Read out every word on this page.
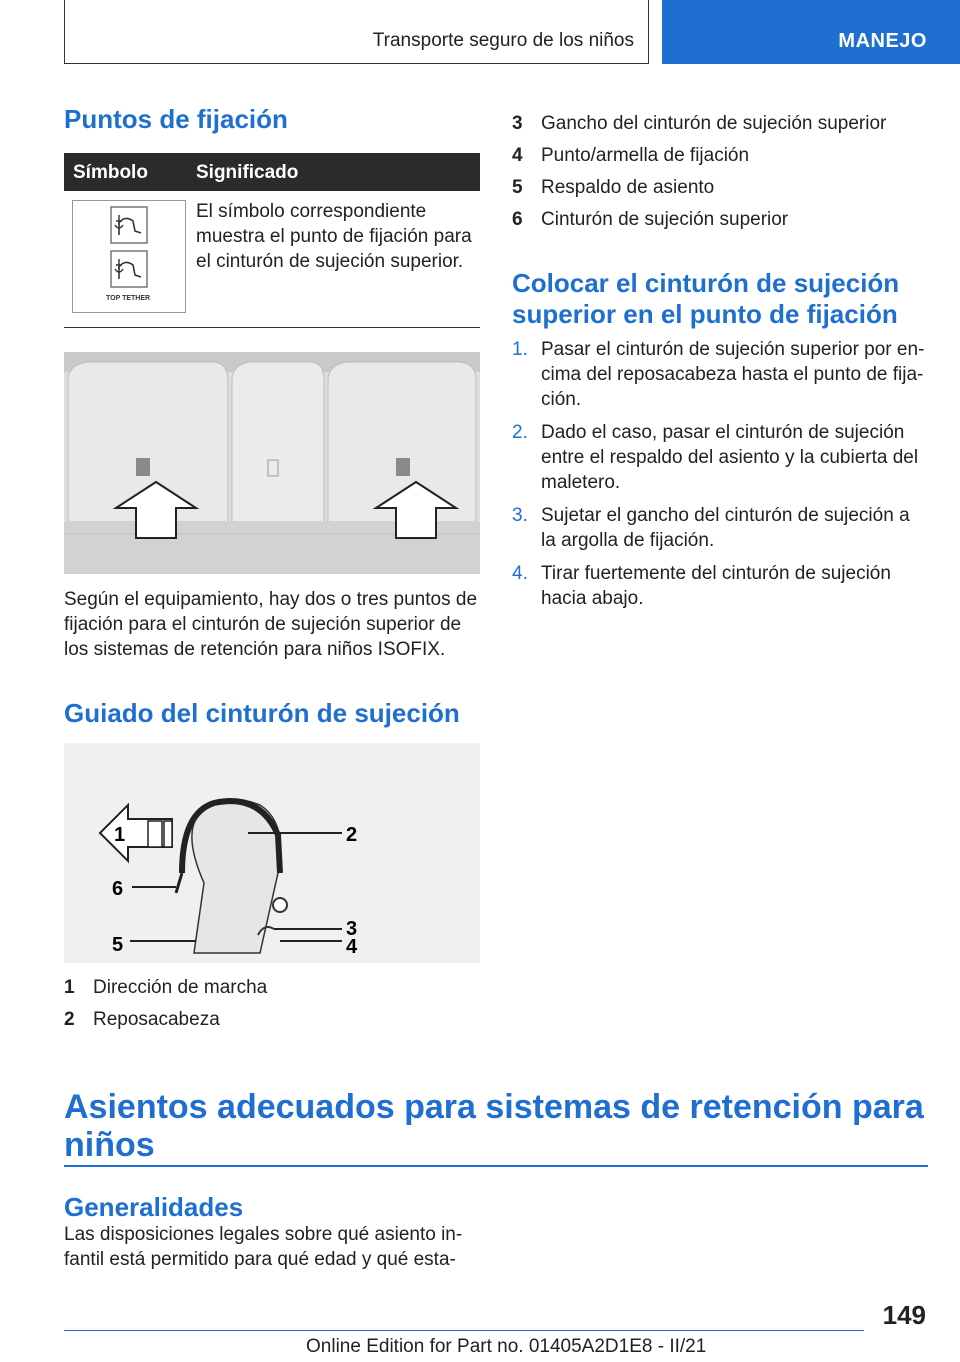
Transporte seguro de los niños	MANEJO
Puntos de fijación
Símbolo	Significado
TOP TETHER
El símbolo correspondiente muestra el punto de fijación para el cinturón de sujeción superior.

Según el equipamiento, hay dos o tres puntos de fijación para el cinturón de sujeción superior de los sistemas de retención para niños ISOFIX.

Guiado del cinturón de sujeción
1	2
3
4
5
6
1 Dirección de marcha
2 Reposacabeza
3 Gancho del cinturón de sujeción superior
4 Punto/armella de fijación
5 Respaldo de asiento
6 Cinturón de sujeción superior
Colocar el cinturón de sujeción superior en el punto de fijación
1. Pasar el cinturón de sujeción superior por encima del reposacabeza hasta el punto de fijación.
2. Dado el caso, pasar el cinturón de sujeción entre el respaldo del asiento y la cubierta del maletero.
3. Sujetar el gancho del cinturón de sujeción a la argolla de fijación.
4. Tirar fuertemente del cinturón de sujeción hacia abajo.
Asientos adecuados para sistemas de retención para niños
Generalidades

Las disposiciones legales sobre qué asiento infantil está permitido para qué edad y qué esta-

149
Online Edition for Part no. 01405A2D1E8 - II/21
